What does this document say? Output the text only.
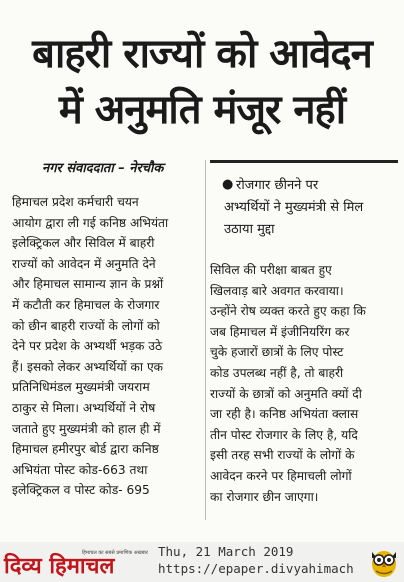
बाहरी राज्यों को आवेदन
में अनुमति मंजूर नहीं
नगर संवाददाता – नेरचौक
● रोजगार छीनने पर
अभ्यर्थियों ने मुख्यमंत्री से मिल
उठाया मुद्दा
हिमाचल प्रदेश कर्मचारी चयन
आयोग द्वारा ली गई कनिष्ठ अभियंता
इलेक्ट्रिकल और सिविल में बाहरी
राज्यों को आवेदन में अनुमति देने
और हिमाचल सामान्य ज्ञान के प्रश्नों
में कटौती कर हिमाचल के रोजगार
को छीन बाहरी राज्यों के लोगों को
देने पर प्रदेश के अभ्यर्थी भड़क उठे
हैं। इसको लेकर अभ्यर्थियों का एक
प्रतिनिधिमंडल मुख्यमंत्री जयराम
ठाकुर से मिला। अभ्यर्थियों ने रोष
जताते हुए मुख्यमंत्री को हाल ही में
हिमाचल हमीरपुर बोर्ड द्वारा कनिष्ठ
अभियंता पोस्ट कोड-663 तथा
इलेक्ट्रिकल व पोस्ट कोड- 695
सिविल की परीक्षा बाबत हुए
खिलवाड़ बारे अवगत करवाया।
उन्होंने रोष व्यक्त करते हुए कहा कि
जब हिमाचल में इंजीनियरिंग कर
चुके हजारों छात्रों के लिए पोस्ट
कोड उपलब्ध नहीं है, तो बाहरी
राज्यों के छात्रों को अनुमति क्यों दी
जा रही है। कनिष्ठ अभियंता क्लास
तीन पोस्ट रोजगार के लिए है, यदि
इसी तरह सभी राज्यों के लोगों के
आवेदन करने पर हिमाचली लोगों
का रोजगार छीन जाएगा।

दिव्य हिमाचल
हिमाचल का सबसे प्रमाणिक अखबार Thu, 21 March 2019
https://epaper.divyahimach
